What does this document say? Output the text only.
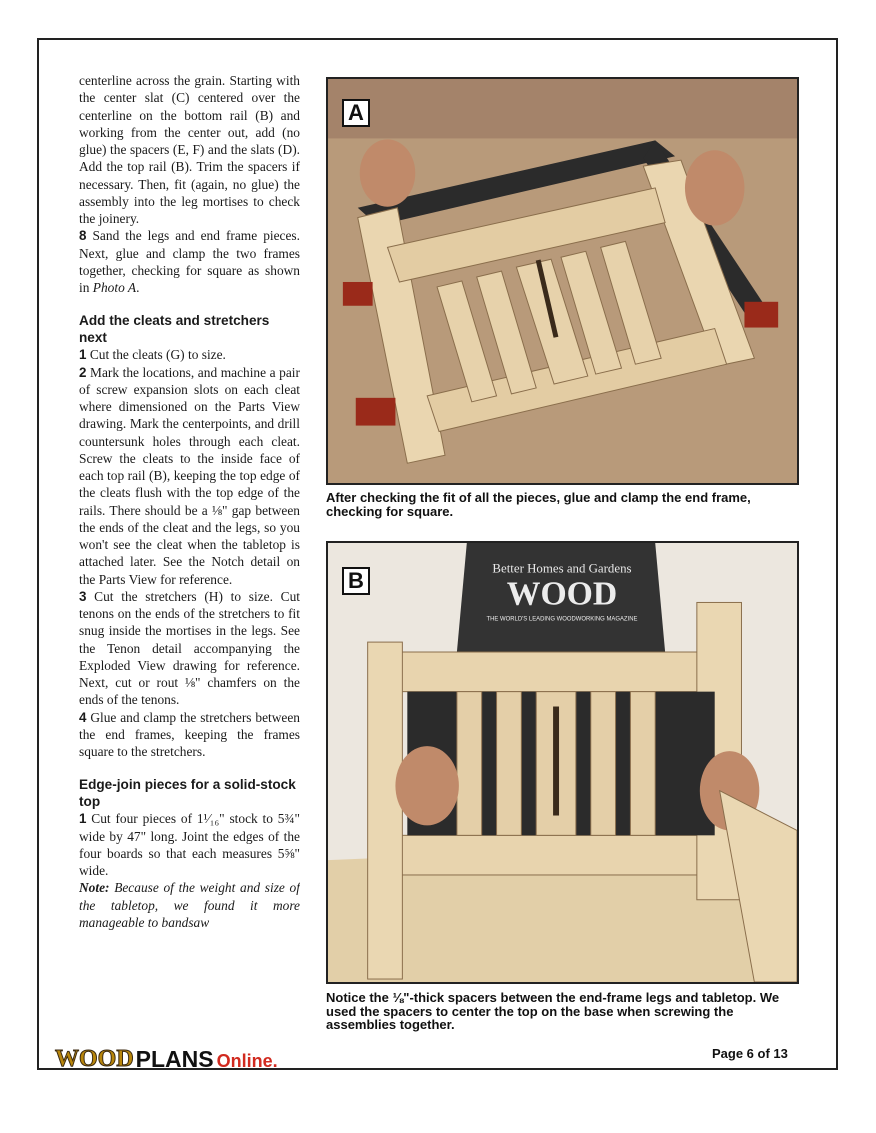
centerline across the grain. Starting with the center slat (C) centered over the centerline on the bottom rail (B) and working from the center out, add (no glue) the spacers (E, F) and the slats (D). Add the top rail (B). Trim the spacers if necessary. Then, fit (again, no glue) the assembly into the leg mortises to check the joinery.

8 Sand the legs and end frame pieces. Next, glue and clamp the two frames together, checking for square as shown in Photo A.

Add the cleats and stretchers next

1 Cut the cleats (G) to size.

2 Mark the locations, and machine a pair of screw expansion slots on each cleat where dimensioned on the Parts View drawing. Mark the centerpoints, and drill countersunk holes through each cleat. Screw the cleats to the inside face of each top rail (B), keeping the top edge of the cleats flush with the top edge of the rails. There should be a ⅛" gap between the ends of the cleat and the legs, so you won't see the cleat when the tabletop is attached later. See the Notch detail on the Parts View for reference.

3 Cut the stretchers (H) to size. Cut tenons on the ends of the stretchers to fit snug inside the mortises in the legs. See the Tenon detail accompanying the Exploded View drawing for reference. Next, cut or rout ⅛" chamfers on the ends of the tenons.

4 Glue and clamp the stretchers between the end frames, keeping the frames square to the stretchers.

Edge-join pieces for a solid-stock top

1 Cut four pieces of 1¹⁄₁₆" stock to 5¾" wide by 47" long. Joint the edges of the four boards so that each measures 5⅝" wide.

Note: Because of the weight and size of the tabletop, we found it more manageable to bandsaw

A
After checking the fit of all the pieces, glue and clamp the end frame, checking for square.
Better Homes and Gardens
WOOD
THE WORLD'S LEADING WOODWORKING MAGAZINE
B
Notice the ⅛"-thick spacers between the end-frame legs and tabletop. We used the spacers to center the top on the base when screwing the assemblies together.
WOOD PLANS Online.	Page 6 of 13
